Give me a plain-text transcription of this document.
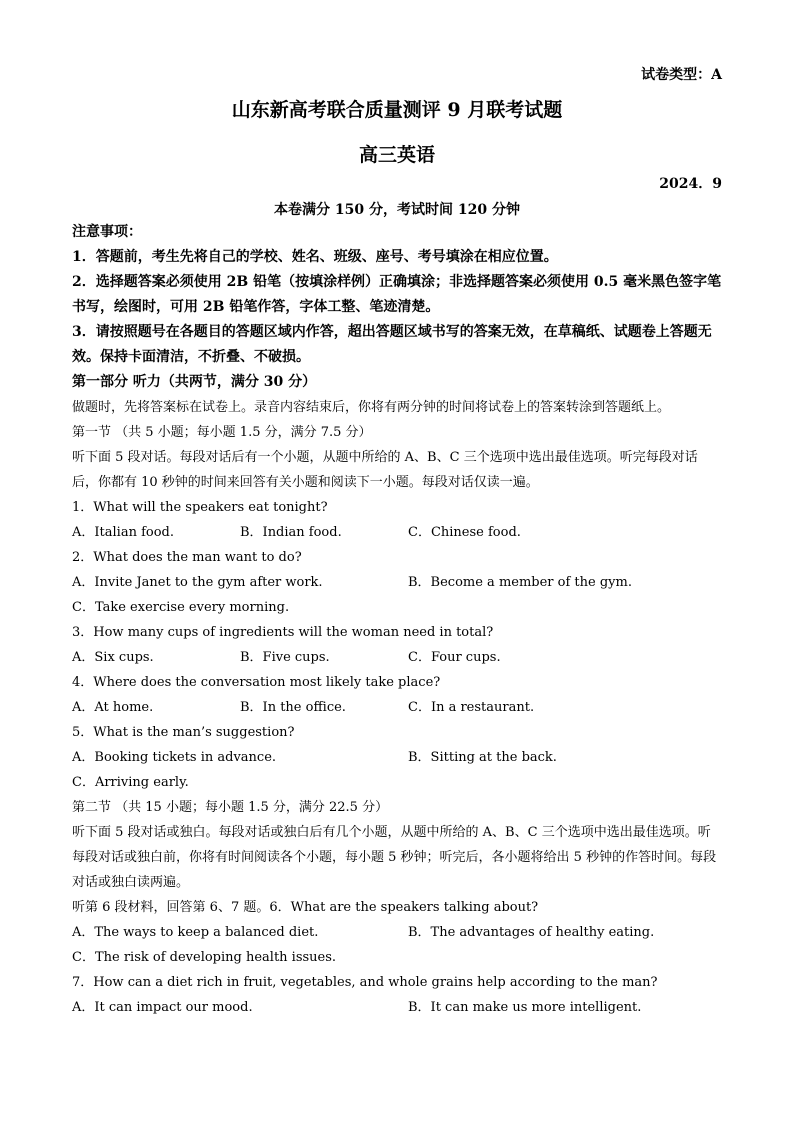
试卷类型：A
山东新高考联合质量测评 9 月联考试题
高三英语
2024．9
本卷满分 150 分，考试时间 120 分钟
注意事项：
1．答题前，考生先将自己的学校、姓名、班级、座号、考号填涂在相应位置。
2．选择题答案必须使用 2B 铅笔（按填涂样例）正确填涂；非选择题答案必须使用 0.5 毫米黑色签字笔书写，绘图时，可用 2B 铅笔作答，字体工整、笔迹清楚。
3．请按照题号在各题目的答题区域内作答，超出答题区域书写的答案无效，在草稿纸、试题卷上答题无效。保持卡面清洁，不折叠、不破损。
第一部分 听力（共两节，满分 30 分）
做题时，先将答案标在试卷上。录音内容结束后，你将有两分钟的时间将试卷上的答案转涂到答题纸上。
第一节 （共 5 小题；每小题 1.5 分，满分 7.5 分）
听下面 5 段对话。每段对话后有一个小题，从题中所给的 A、B、C 三个选项中选出最佳选项。听完每段对话后，你都有 10 秒钟的时间来回答有关小题和阅读下一小题。每段对话仅读一遍。
1．What will the speakers eat tonight?
A．Italian food.	B．Indian food.	C．Chinese food.
2．What does the man want to do?
A．Invite Janet to the gym after work.	B．Become a member of the gym.
C．Take exercise every morning.
3．How many cups of ingredients will the woman need in total?
A．Six cups.	B．Five cups.	C．Four cups.
4．Where does the conversation most likely take place?
A．At home.	B．In the office.	C．In a restaurant.
5．What is the man’s suggestion?
A．Booking tickets in advance.	B．Sitting at the back.
C．Arriving early.
第二节 （共 15 小题；每小题 1.5 分，满分 22.5 分）
听下面 5 段对话或独白。每段对话或独白后有几个小题，从题中所给的 A、B、C 三个选项中选出最佳选项。听每段对话或独白前，你将有时间阅读各个小题，每小题 5 秒钟；听完后，各小题将给出 5 秒钟的作答时间。每段对话或独白读两遍。
听第 6 段材料，回答第 6、7 题。6．What are the speakers talking about?
A．The ways to keep a balanced diet.	B．The advantages of healthy eating.
C．The risk of developing health issues.
7．How can a diet rich in fruit, vegetables, and whole grains help according to the man?
A．It can impact our mood.	B．It can make us more intelligent.
